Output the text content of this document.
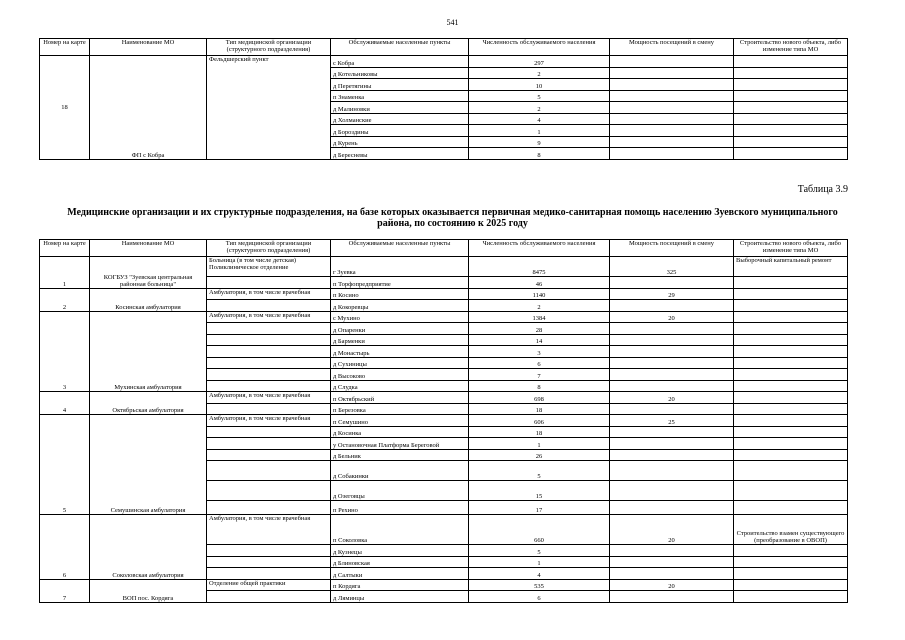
541
Номер на карте	Наименование МО	Тип медицинской организации (структурного подразделения)	Обслуживаемые населенные пункты	Численность обслуживаемого населения	Мощность посещений в смену	Строительство нового объекта, либо изменение типа МО
18	ФП с Кобра	Фельдшерский пункт	с Кобра	297		
			д Котельниковы	2		
			д Перетягины	10		
			п Знаменка	5		
			д Малиновки	2		
			д Холманские	4		
			д Бороздины	1		
			д Курень	9		
			д Бересневы	8		
Таблица 3.9
Медицинские организации и их структурные подразделения, на базе которых оказывается первичная медико-санитарная помощь населению Зуевского муниципального района, по состоянию к 2025 году
Номер на карте	Наименование МО	Тип медицинской организации (структурного подразделения)	Обслуживаемые населенные пункты	Численность обслуживаемого населения	Мощность посещений в смену	Строительство нового объекта, либо изменение типа МО
1	КОГБУЗ "Зуевская центральная районная больница"	Больница (в том числе детская) Поликлиническое отделение	г Зуевка	8475	325	Выборочный капитальный ремонт
			п Торфопредприятие	46		
2	Косинская амбулатория	Амбулатория, в том числе врачебная	п Косино	1140	29	
			д Кокоревцы	2		
3	Мухинская амбулатория	Амбулатория, в том числе врачебная	с Мухино	1384	20	
			д Опаренки	28		
			д Барменки	14		
			д Монастырь	3		
			д Сухиницы	6		
			д Высоково	7		
			д Слудка	8		
4	Октябрьская амбулатория	Амбулатория, в том числе врачебная	п Октябрьский	698	20	
			п Березовка	18		
5	Семушинская амбулатория	Амбулатория, в том числе врачебная	п Семушино	606	25	
			д Косинка	18		
			у Остановочная Платформа Береговой	1		
			д Бельник	26		
			д Собакинки	5		
			д Озеговцы	15		
			п Рехино	17		
6	Соколовская амбулатория	Амбулатория, в том числе врачебная	п Соколовка	660	20	Строительство взамен существующего (преобразование в ОВОП)
			д Кузнецы	5		
			д Блиновская	1		
			д Салтыки	4		
7	ВОП пос. Кордяга	Отделение общей практики	п Кордяга	535	20	
			д Ляминцы	6		
